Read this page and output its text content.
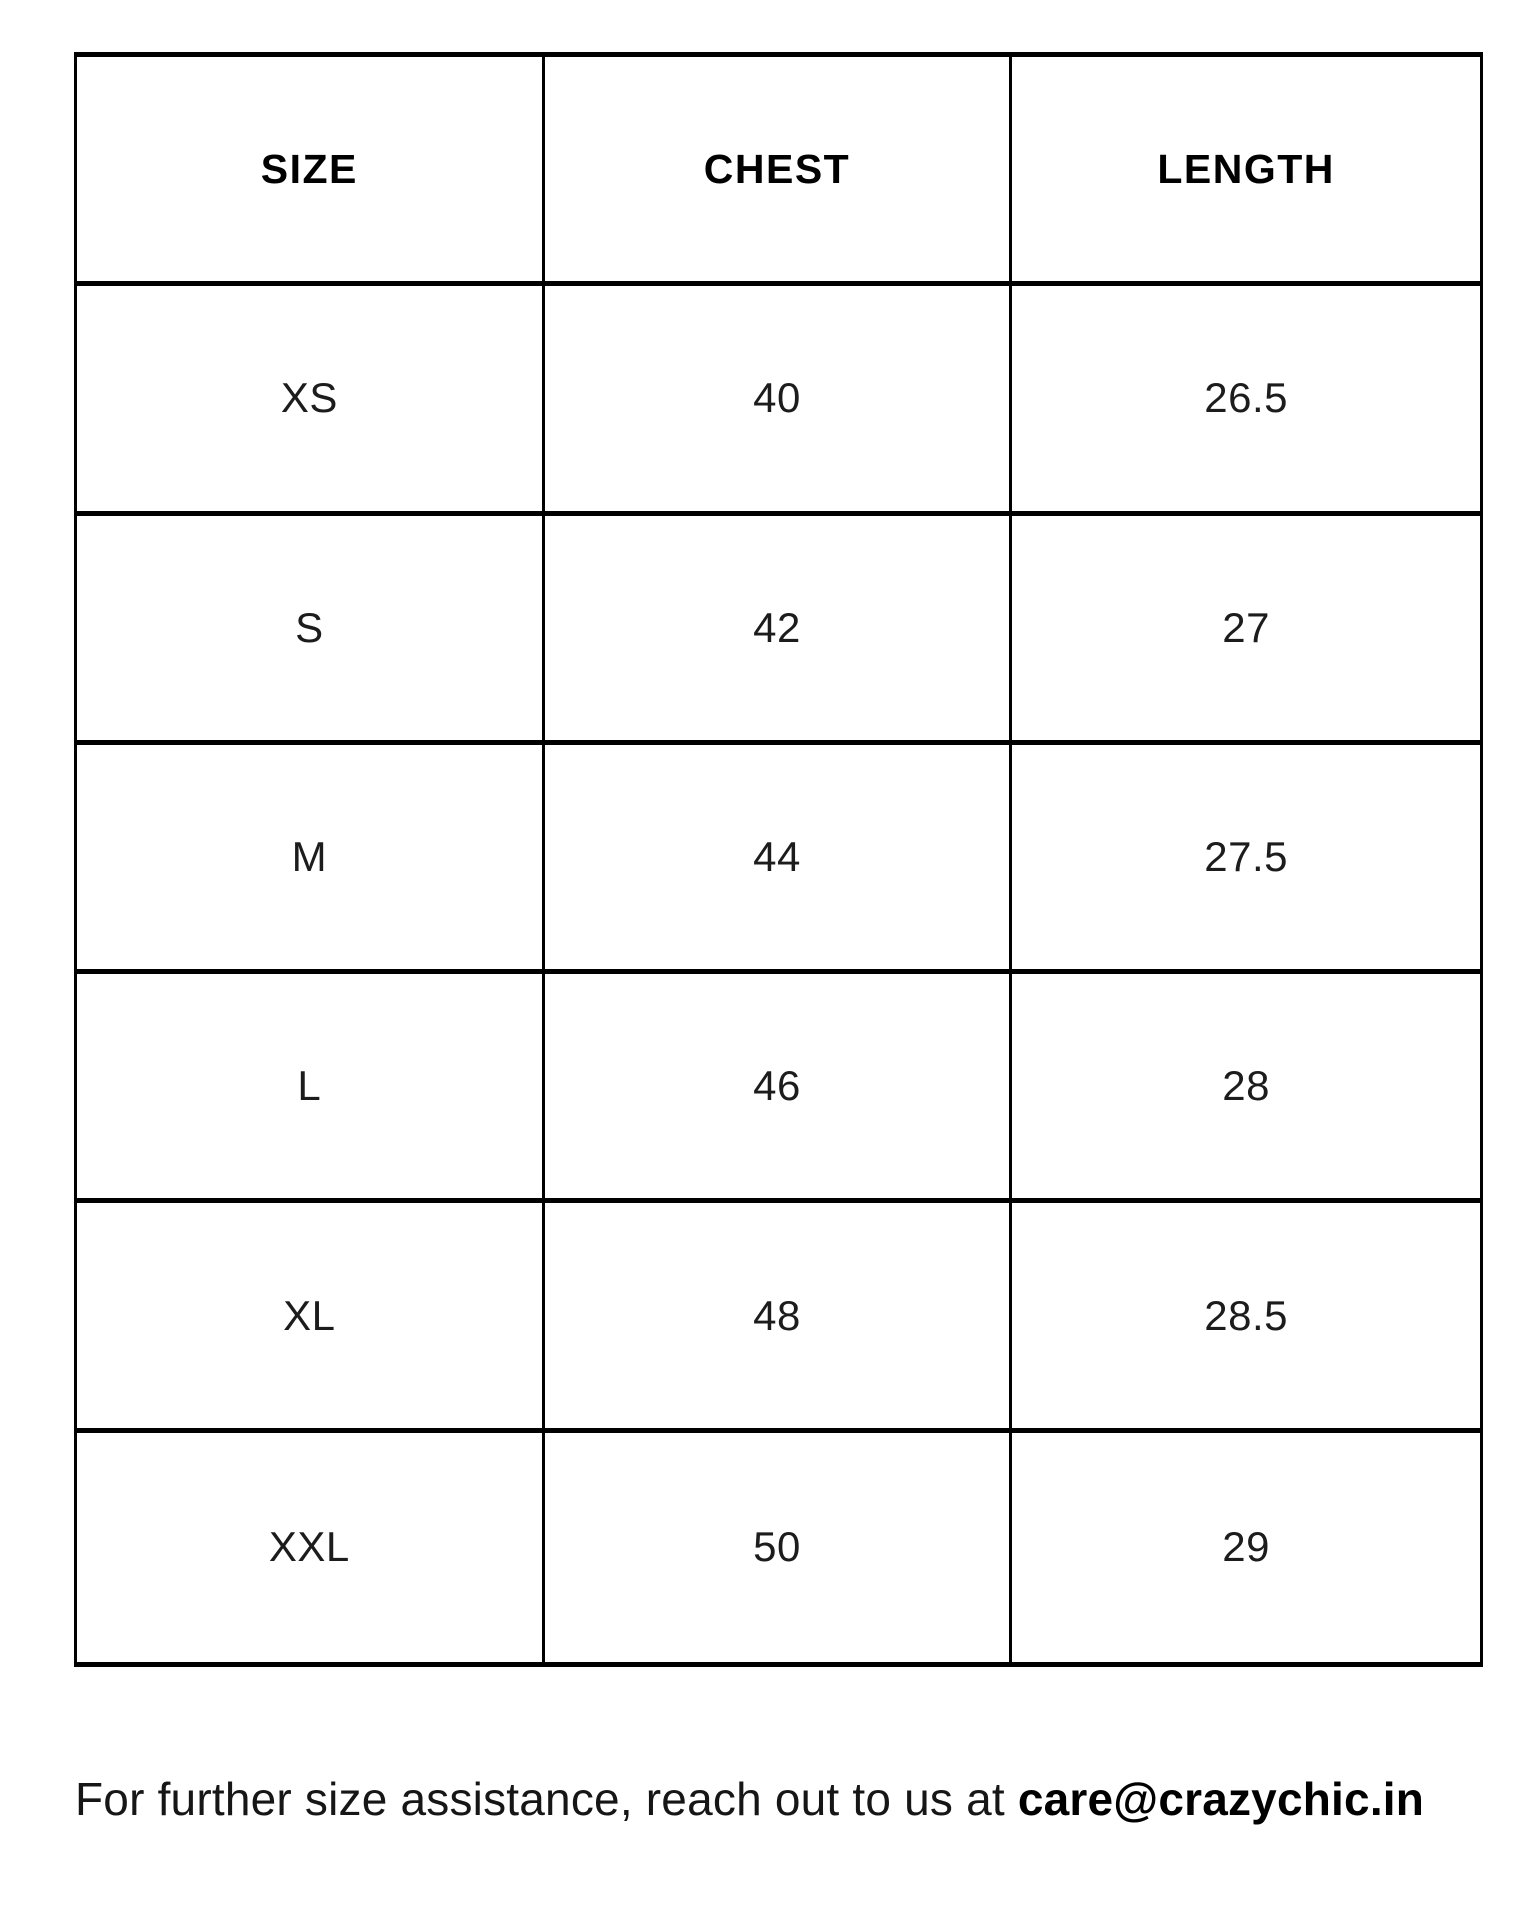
SIZE	CHEST	LENGTH
XS	40	26.5
S	42	27
M	44	27.5
L	46	28
XL	48	28.5
XXL	50	29
For further size assistance, reach out to us at care@crazychic.in
